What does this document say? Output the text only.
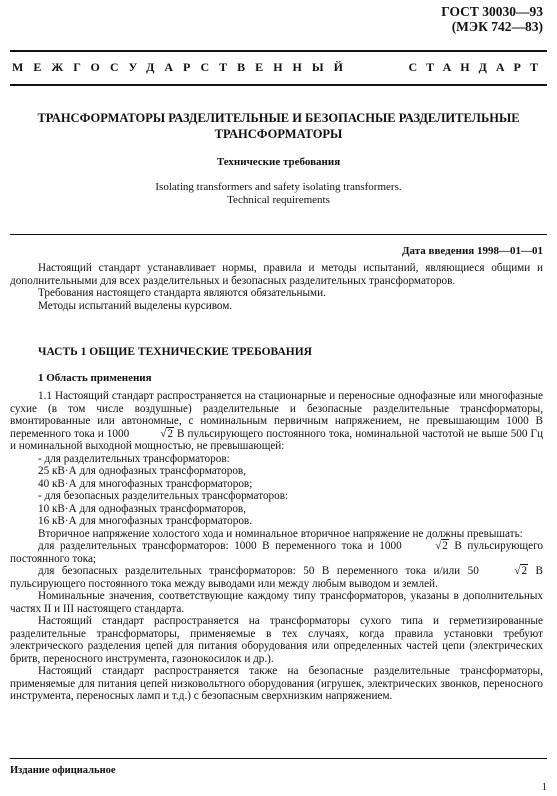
ГОСТ 30030—93
(МЭК 742—83)
МЕЖГОСУДАРСТВЕННЫЙ	СТАНДАРТ
ТРАНСФОРМАТОРЫ РАЗДЕЛИТЕЛЬНЫЕ И БЕЗОПАСНЫЕ РАЗДЕЛИТЕЛЬНЫЕ
ТРАНСФОРМАТОРЫ
Технические требования
Isolating transformers and safety isolating transformers.
Technical requirements
Дата введения 1998—01—01

Настоящий стандарт устанавливает нормы, правила и методы испытаний, являющиеся общими и дополнительными для всех разделительных и безопасных разделительных трансформаторов.

Требования настоящего стандарта являются обязательными.

Методы испытаний выделены курсивом.

ЧАСТЬ 1 ОБЩИЕ ТЕХНИЧЕСКИЕ ТРЕБОВАНИЯ
1 Область применения

1.1 Настоящий стандарт распространяется на стационарные и переносные однофазные или многофазные сухие (в том числе воздушные) разделительные и безопасные разделительные трансформаторы, вмонтированные или автономные, с номинальным первичным напряжением, не превышающим 1000 В переменного тока и 1000	√2 В пульсирующего постоянного тока, номинальной частотой не выше 500 Гц и номинальной выходной мощностью, не превышающей:

- для разделительных трансформаторов:

25 кВ·А для однофазных трансформаторов,

40 кВ·А для многофазных трансформаторов;

- для безопасных разделительных трансформаторов:

10 кВ·А для однофазных трансформаторов,

16 кВ·А для многофазных трансформаторов.

Вторичное напряжение холостого хода и номинальное вторичное напряжение не должны превышать:

для разделительных трансформаторов: 1000 В переменного тока и 1000	√2 В пульсирующего постоянного тока;

для безопасных разделительных трансформаторов: 50 В переменного тока и/или 50	√2 В пульсирующего постоянного тока между выводами или между любым выводом и землей.

Номинальные значения, соответствующие каждому типу трансформаторов, указаны в дополнительных частях II и III настоящего стандарта.

Настоящий стандарт распространяется на трансформаторы сухого типа и герметизированные разделительные трансформаторы, применяемые в тех случаях, когда правила установки требуют электрического разделения цепей для питания оборудования или определенных частей цепи (электрических бритв, переносного инструмента, газонокосилок и др.).

Настоящий стандарт распространяется также на безопасные разделительные трансформаторы, применяемые для питания цепей низковольтного оборудования (игрушек, электрических звонков, переносного инструмента, переносных ламп и т.д.) с безопасным сверхнизким напряжением.

Издание официальное
1
